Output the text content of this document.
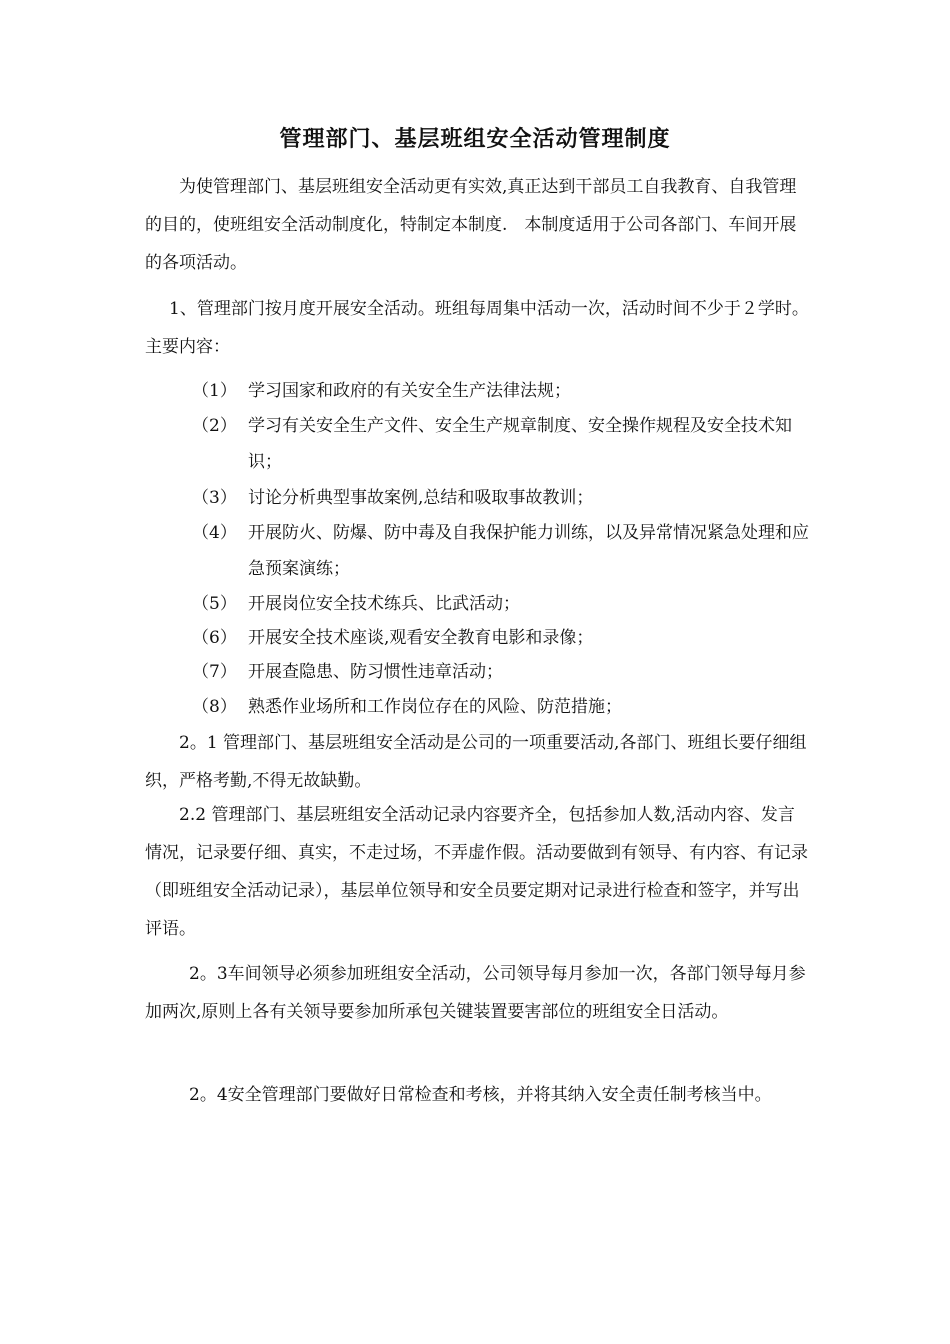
管理部门、基层班组安全活动管理制度

为使管理部门、基层班组安全活动更有实效,真正达到干部员工自我教育、自我管理的目的，使班组安全活动制度化，特制定本制度.　本制度适用于公司各部门、车间开展的各项活动。

1、管理部门按月度开展安全活动。班组每周集中活动一次，活动时间不少于２学时。主要内容：

（1） 学习国家和政府的有关安全生产法律法规；
（2） 学习有关安全生产文件、安全生产规章制度、安全操作规程及安全技术知识；
（3） 讨论分析典型事故案例,总结和吸取事故教训；
（4） 开展防火、防爆、防中毒及自我保护能力训练，以及异常情况紧急处理和应急预案演练；
（5） 开展岗位安全技术练兵、比武活动；
（6） 开展安全技术座谈,观看安全教育电影和录像；
（7） 开展查隐患、防习惯性违章活动；
（8） 熟悉作业场所和工作岗位存在的风险、防范措施；

2。1 管理部门、基层班组安全活动是公司的一项重要活动,各部门、班组长要仔细组织，严格考勤,不得无故缺勤。

2.2 管理部门、基层班组安全活动记录内容要齐全，包括参加人数,活动内容、发言情况，记录要仔细、真实，不走过场，不弄虚作假。活动要做到有领导、有内容、有记录（即班组安全活动记录），基层单位领导和安全员要定期对记录进行检查和签字，并写出评语。

2。3车间领导必须参加班组安全活动，公司领导每月参加一次，各部门领导每月参加两次,原则上各有关领导要参加所承包关键装置要害部位的班组安全日活动。

2。4安全管理部门要做好日常检查和考核，并将其纳入安全责任制考核当中。
